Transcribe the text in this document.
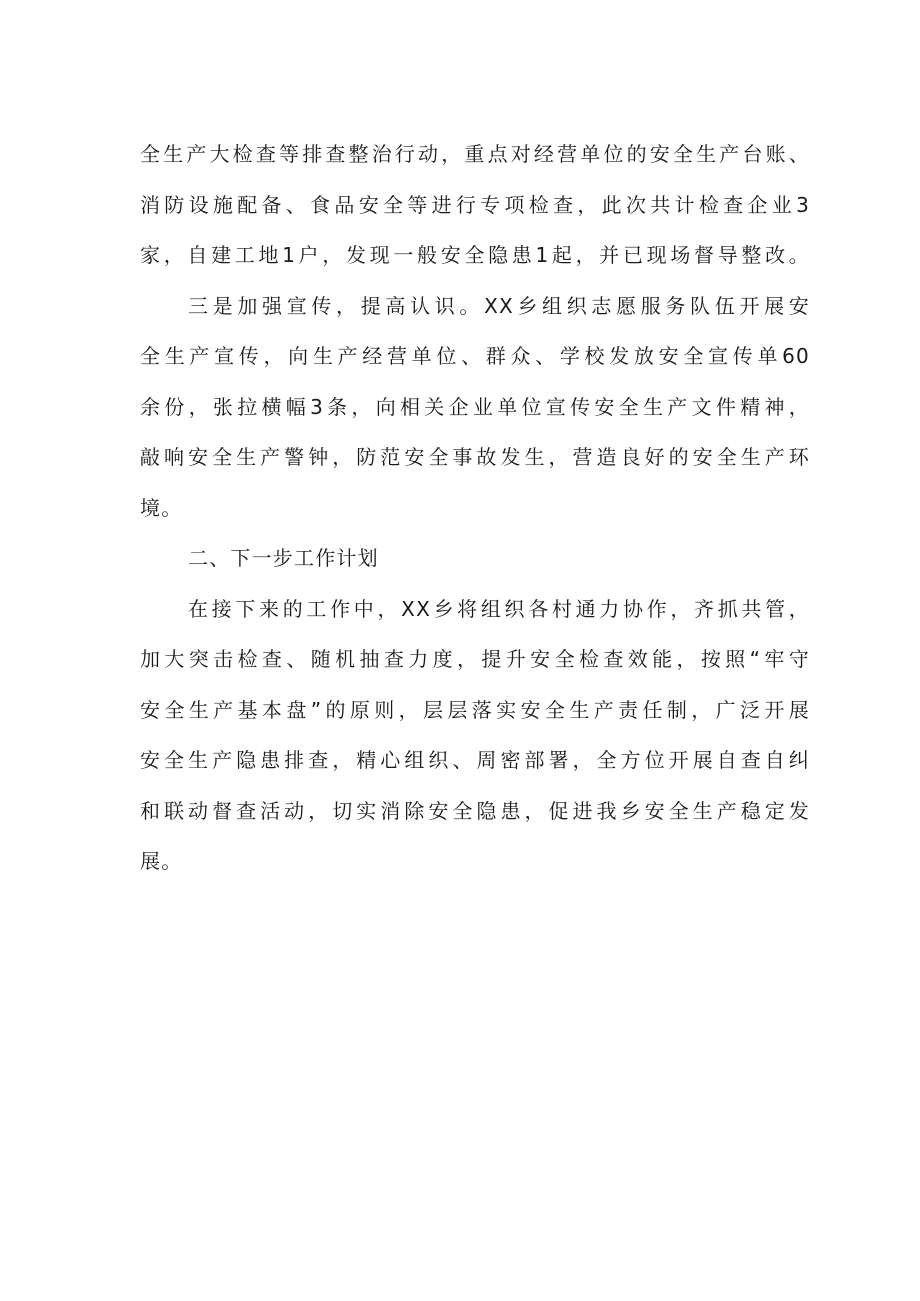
全生产大检查等排查整治行动，重点对经营单位的安全生产台账、
消防设施配备、食品安全等进行专项检查，此次共计检查企业3
家，自建工地1户，发现一般安全隐患1起，并已现场督导整改。
三是加强宣传，提高认识。XX乡组织志愿服务队伍开展安
全生产宣传，向生产经营单位、群众、学校发放安全宣传单60
余份，张拉横幅3条，向相关企业单位宣传安全生产文件精神，
敲响安全生产警钟，防范安全事故发生，营造良好的安全生产环
境。
二、下一步工作计划
在接下来的工作中，XX乡将组织各村通力协作，齐抓共管，
加大突击检查、随机抽查力度，提升安全检查效能，按照“牢守
安全生产基本盘”的原则，层层落实安全生产责任制，广泛开展
安全生产隐患排查，精心组织、周密部署，全方位开展自查自纠
和联动督查活动，切实消除安全隐患，促进我乡安全生产稳定发
展。
